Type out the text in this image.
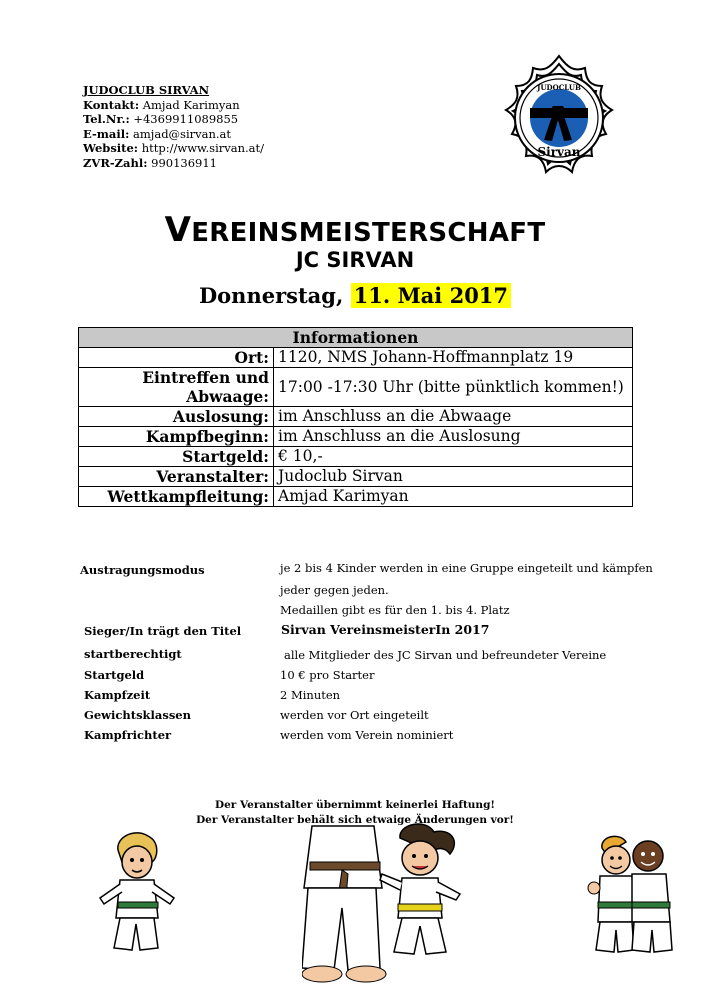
JUDOCLUB SIRVAN
Kontakt: Amjad Karimyan
Tel.Nr.: +4369911089855
E-mail: amjad@sirvan.at
Website: http://www.sirvan.at/
ZVR-Zahl: 990136911
JUDOCLUB
Sirvan
VEREINSMEISTERSCHAFT
JC SIRVAN
Donnerstag, 11. Mai 2017
Informationen	
Ort:	1120, NMS Johann-Hoffmannplatz 19
Eintreffen und Abwaage:	17:00 -17:30 Uhr (bitte pünktlich kommen!)
Auslosung:	im Anschluss an die Abwaage
Kampfbeginn:	im Anschluss an die Auslosung
Startgeld:	€ 10,-
Veranstalter:	Judoclub Sirvan
Wettkampfleitung:	Amjad Karimyan
Austragungsmodus	je 2 bis 4 Kinder werden in eine Gruppe eingeteilt und kämpfen
jeder gegen jeden.
Medaillen gibt es für den 1. bis 4. Platz
Sieger/In trägt den Titel	Sirvan VereinsmeisterIn 2017
startberechtigt	alle Mitglieder des JC Sirvan und befreundeter Vereine
Startgeld	10 € pro Starter
Kampfzeit	2 Minuten
Gewichtsklassen	werden vor Ort eingeteilt
Kampfrichter	werden vom Verein nominiert
Der Veranstalter übernimmt keinerlei Haftung!
Der Veranstalter behält sich etwaige Änderungen vor!
